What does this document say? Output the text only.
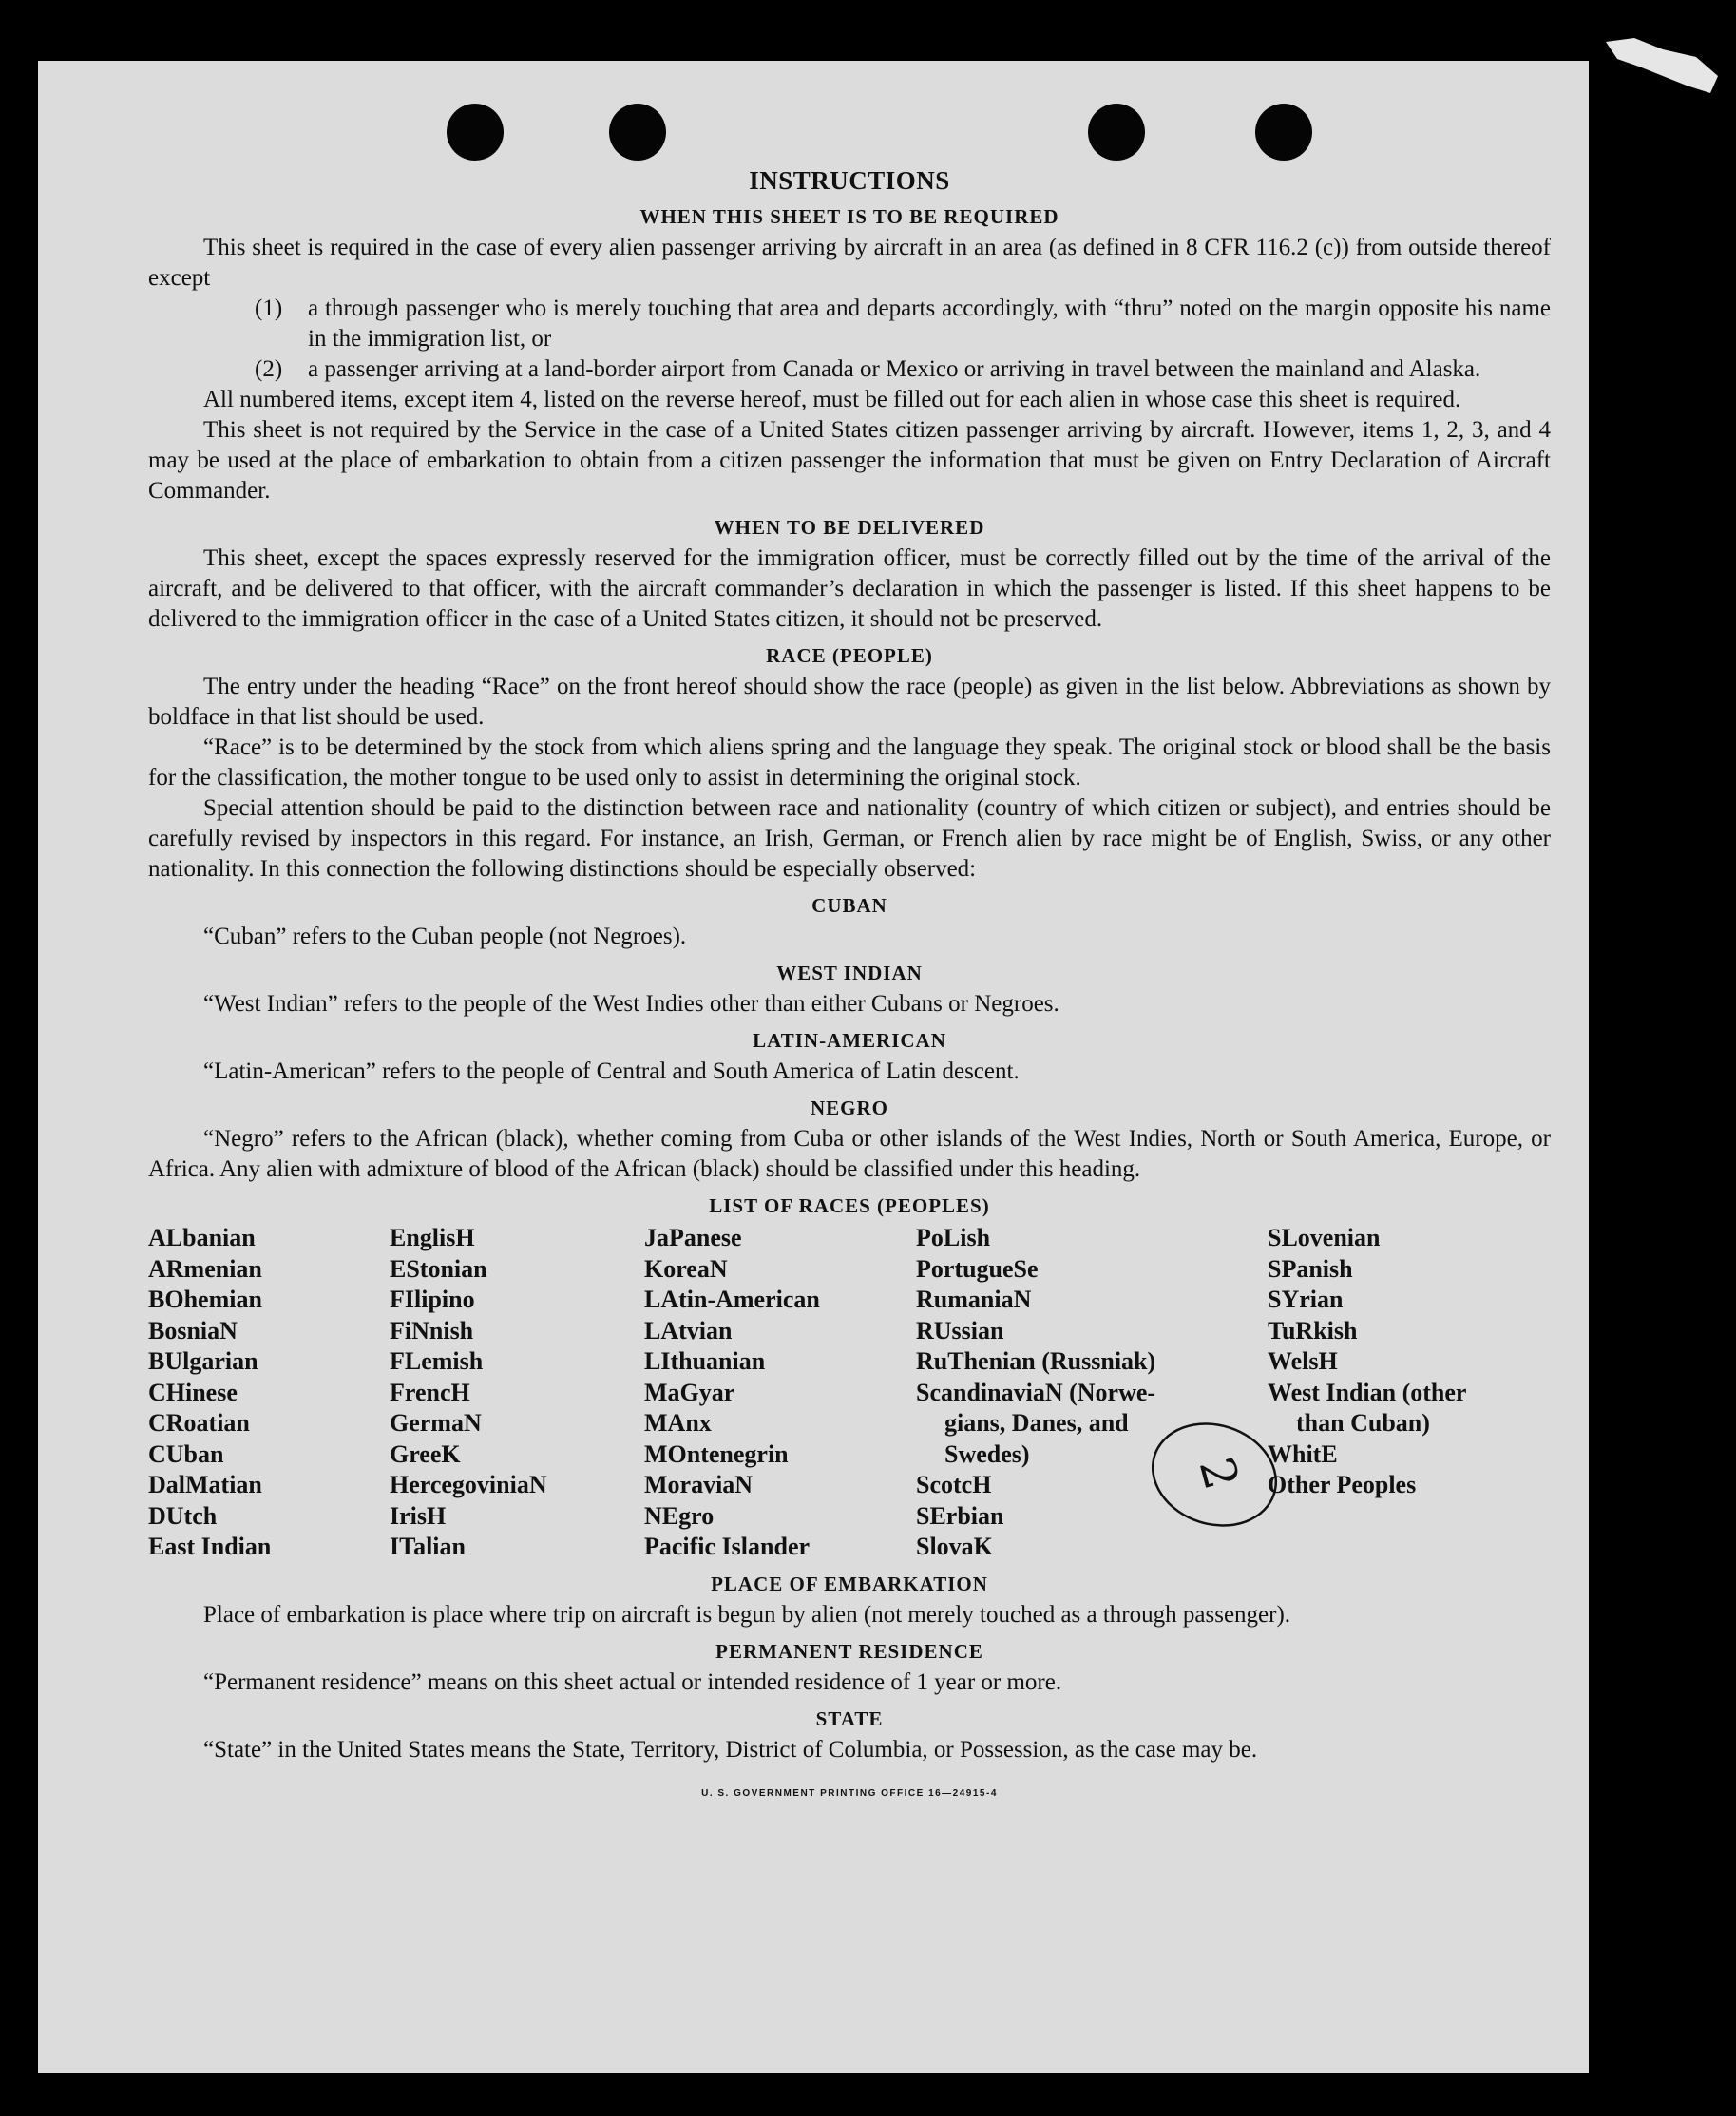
2
INSTRUCTIONS
WHEN THIS SHEET IS TO BE REQUIRED

This sheet is required in the case of every alien passenger arriving by aircraft in an area (as defined in 8 CFR 116.2 (c)) from outside thereof except

(1)	a through passenger who is merely touching that area and departs accordingly, with “thru” noted on the margin opposite his name in the immigration list, or
(2)	a passenger arriving at a land-border airport from Canada or Mexico or arriving in travel between the mainland and Alaska.

All numbered items, except item 4, listed on the reverse hereof, must be filled out for each alien in whose case this sheet is required.

This sheet is not required by the Service in the case of a United States citizen passenger arriving by aircraft. However, items 1, 2, 3, and 4 may be used at the place of embarkation to obtain from a citizen passenger the information that must be given on Entry Declaration of Aircraft Commander.

WHEN TO BE DELIVERED

This sheet, except the spaces expressly reserved for the immigration officer, must be correctly filled out by the time of the arrival of the aircraft, and be delivered to that officer, with the aircraft commander’s declaration in which the passenger is listed. If this sheet happens to be delivered to the immigration officer in the case of a United States citizen, it should not be preserved.

RACE (PEOPLE)

The entry under the heading “Race” on the front hereof should show the race (people) as given in the list below. Abbreviations as shown by boldface in that list should be used.

“Race” is to be determined by the stock from which aliens spring and the language they speak. The original stock or blood shall be the basis for the classification, the mother tongue to be used only to assist in determining the original stock.

Special attention should be paid to the distinction between race and nationality (country of which citizen or subject), and entries should be carefully revised by inspectors in this regard. For instance, an Irish, German, or French alien by race might be of English, Swiss, or any other nationality. In this connection the following distinctions should be especially observed:

CUBAN
“Cuban” refers to the Cuban people (not Negroes).
WEST INDIAN
“West Indian” refers to the people of the West Indies other than either Cubans or Negroes.
LATIN-AMERICAN
“Latin-American” refers to the people of Central and South America of Latin descent.
NEGRO

“Negro” refers to the African (black), whether coming from Cuba or other islands of the West Indies, North or South America, Europe, or Africa. Any alien with admixture of blood of the African (black) should be classified under this heading.

LIST OF RACES (PEOPLES)
ALbanian
ARmenian
BOhemian
BosniaN
BUlgarian
CHinese
CRoatian
CUban
DalMatian
DUtch
East Indian
EnglisH
EStonian
FIlipino
FiNnish
FLemish
FrencH
GermaN
GreeK
HercegoviniaN
IrisH
ITalian
JaPanese
KoreaN
LAtin-American
LAtvian
LIthuanian
MaGyar
MAnx
MOntenegrin
MoraviaN
NEgro
Pacific Islander
PoLish
PortugueSe
RumaniaN
RUssian
RuThenian (Russniak)
ScandinaviaN (Norwe-
gians, Danes, and
Swedes)
ScotcH
SErbian
SlovaK
SLovenian
SPanish
SYrian
TuRkish
WelsH
West Indian (other
than Cuban)
WhitE
Other Peoples
PLACE OF EMBARKATION

Place of embarkation is place where trip on aircraft is begun by alien (not merely touched as a through passenger).

PERMANENT RESIDENCE
“Permanent residence” means on this sheet actual or intended residence of 1 year or more.
STATE

“State” in the United States means the State, Territory, District of Columbia, or Possession, as the case may be.

U. S. GOVERNMENT PRINTING OFFICE 16—24915-4
